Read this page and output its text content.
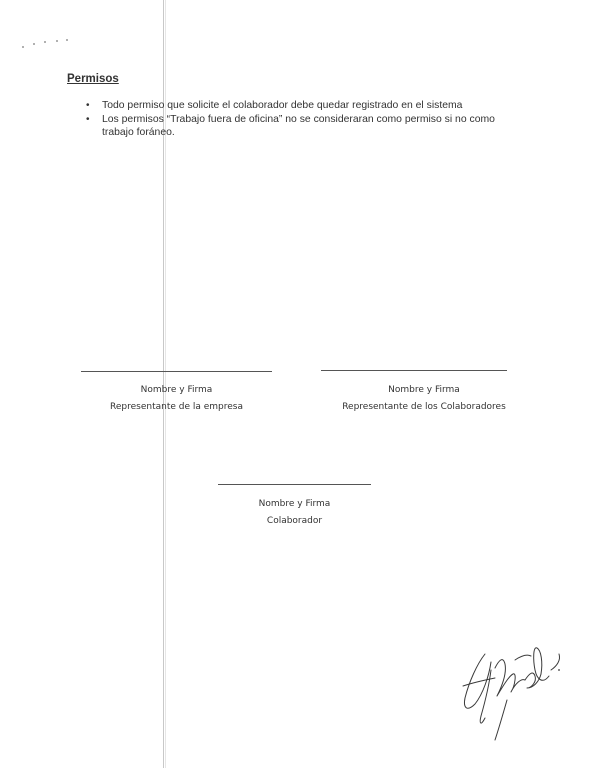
Permisos
• Todo permiso que solicite el colaborador debe quedar registrado en el sistema
• Los permisos “Trabajo fuera de oficina” no se consideraran como permiso si no como trabajo foráneo.
Nombre y Firma
Representante de la empresa
Nombre y Firma
Representante de los Colaboradores
Nombre y Firma
Colaborador
